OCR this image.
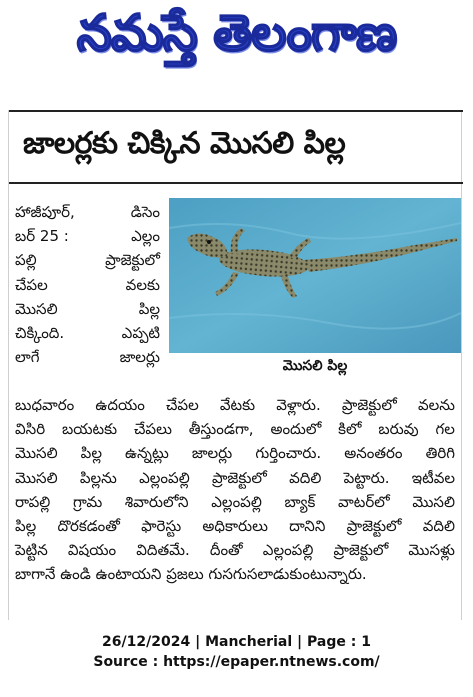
నమస్తే తెలంగాణ
జాలర్లకు చిక్కిన మొసలి పిల్ల
హాజీపూర్,	డిసెం
బర్ 25 :	ఎల్లం
పల్లి	ప్రాజెక్టులో
చేపల	వలకు
మొసలి	పిల్ల
చిక్కింది.	ఎప్పటి
లాగే	జాలర్లు	మొసలి పిల్ల
బుధవారం ఉదయం చేపల వేటకు వెళ్లారు. ప్రాజెక్టులో వలను
విసిరి బయటకు చేపలు తీస్తుండగా, అందులో కిలో బరువు గల
మొసలి పిల్ల ఉన్నట్లు జాలర్లు గుర్తించారు. అనంతరం తిరిగి
మొసలి పిల్లను ఎల్లంపల్లి ప్రాజెక్టులో వదిలి పెట్టారు. ఇటీవల
రాపల్లి గ్రామ శివారులోని ఎల్లంపల్లి బ్యాక్ వాటర్‌లో మొసలి
పిల్ల దొరకడంతో ఫారెస్టు అధికారులు దానిని ప్రాజెక్టులో వదిలి
పెట్టిన విషయం విదితమే. దీంతో ఎల్లంపల్లి ప్రాజెక్టులో మొసళ్లు
బాగానే ఉండి ఉంటాయని ప్రజలు గుసగుసలాడుకుంటున్నారు.
26/12/2024 | Mancherial | Page : 1
Source : https://epaper.ntnews.com/
